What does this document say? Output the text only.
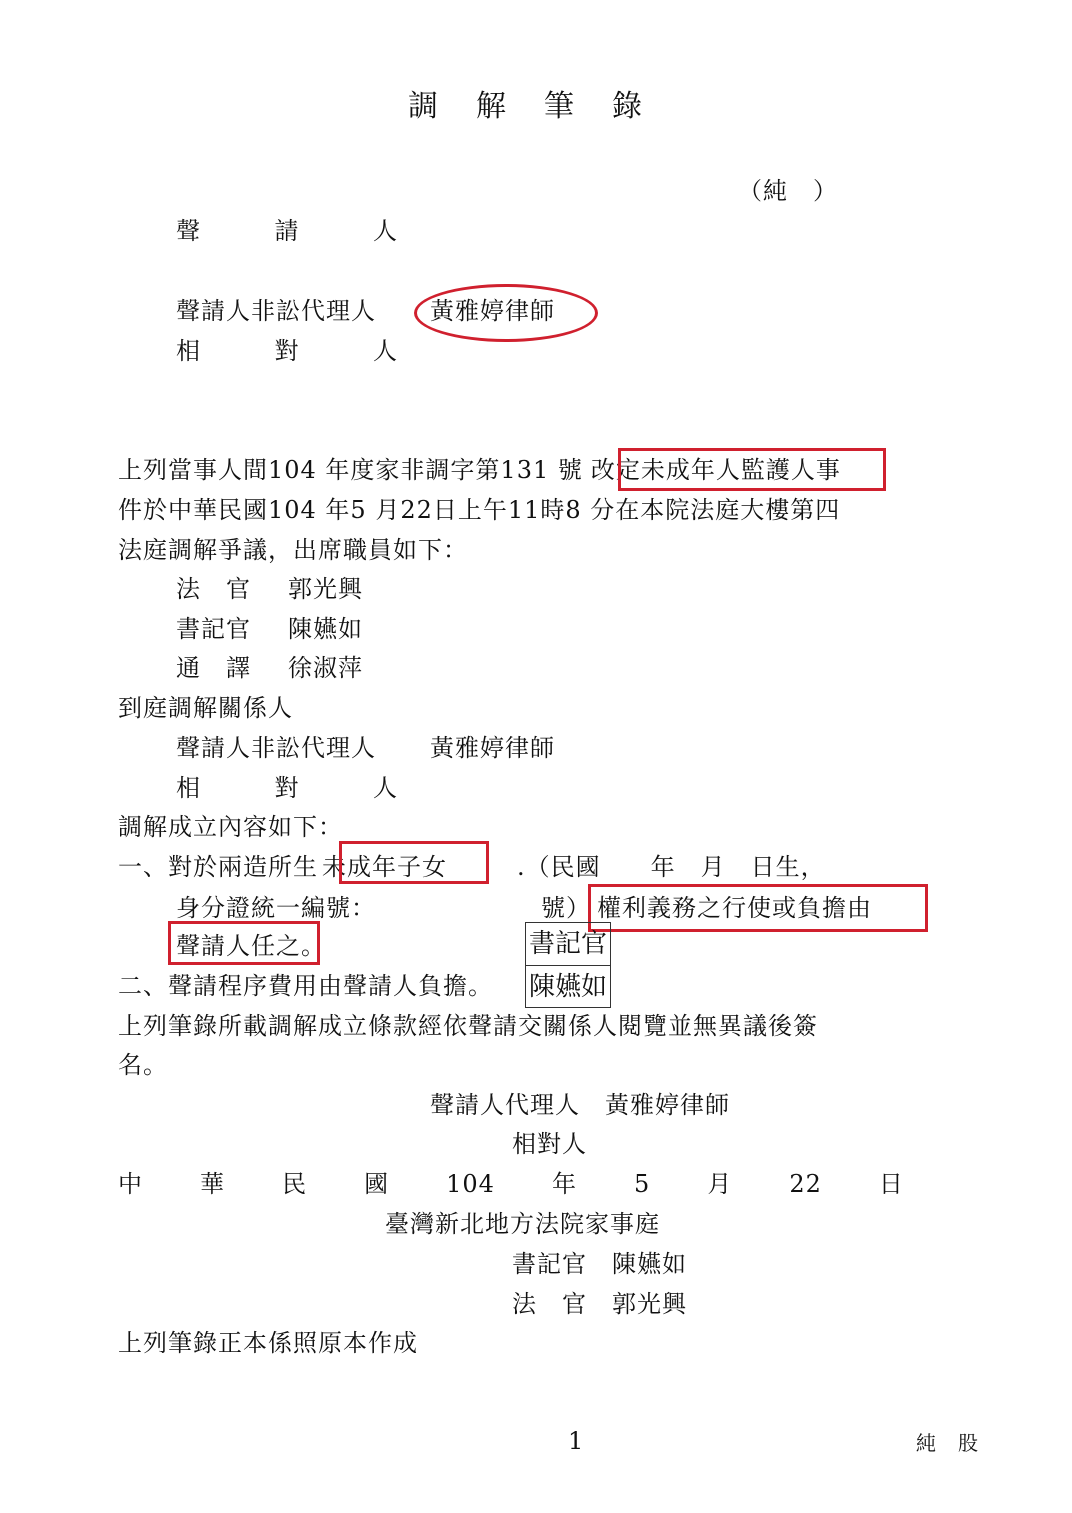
調 解 筆 錄
（純　）
聲	請	人
聲請人非訟代理人 黃雅婷律師
相	對	人
上列當事人間104 年度家非調字第131 號 改定未成年人監護人事
件於中華民國104 年5 月22日上午11時8 分在本院法庭大樓第四
法庭調解爭議，出席職員如下：
法　官 郭光興
書記官 陳嬿如
通　譯 徐淑萍
到庭調解關係人
聲請人非訟代理人 黃雅婷律師
相	對	人
調解成立內容如下：
一、對於兩造所生 未成年子女	.（民國　　年　月　日生，
身分證統一編號：	號） 權利義務之行使或負擔由
聲請人任之。	書記官
陳嬿如
二、聲請程序費用由聲請人負擔。
上列筆錄所載調解成立條款經依聲請交關係人閱覽並無異議後簽
名。
聲請人代理人　黃雅婷律師
相對人
中 華 民 國 104 年 5 月 22 日
臺灣新北地方法院家事庭
書記官　陳嬿如
法　官　郭光興
上列筆錄正本係照原本作成
1	純　股
